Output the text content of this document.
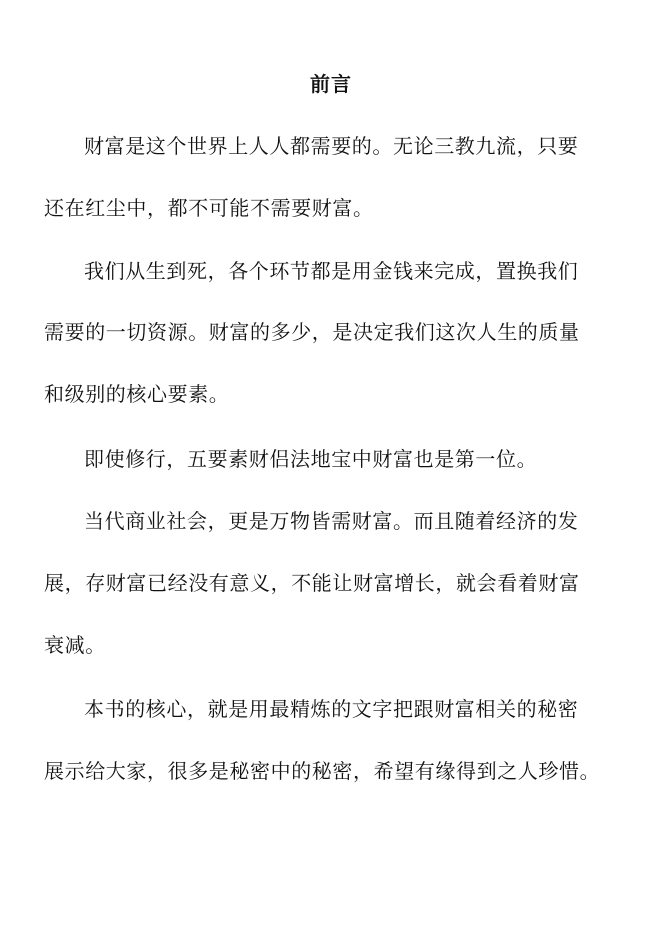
前言
财富是这个世界上人人都需要的。无论三教九流，只要
还在红尘中，都不可能不需要财富。
我们从生到死，各个环节都是用金钱来完成，置换我们
需要的一切资源。财富的多少，是决定我们这次人生的质量
和级别的核心要素。
即使修行，五要素财侣法地宝中财富也是第一位。
当代商业社会，更是万物皆需财富。而且随着经济的发
展，存财富已经没有意义，不能让财富增长，就会看着财富
衰减。
本书的核心，就是用最精炼的文字把跟财富相关的秘密
展示给大家，很多是秘密中的秘密，希望有缘得到之人珍惜。
